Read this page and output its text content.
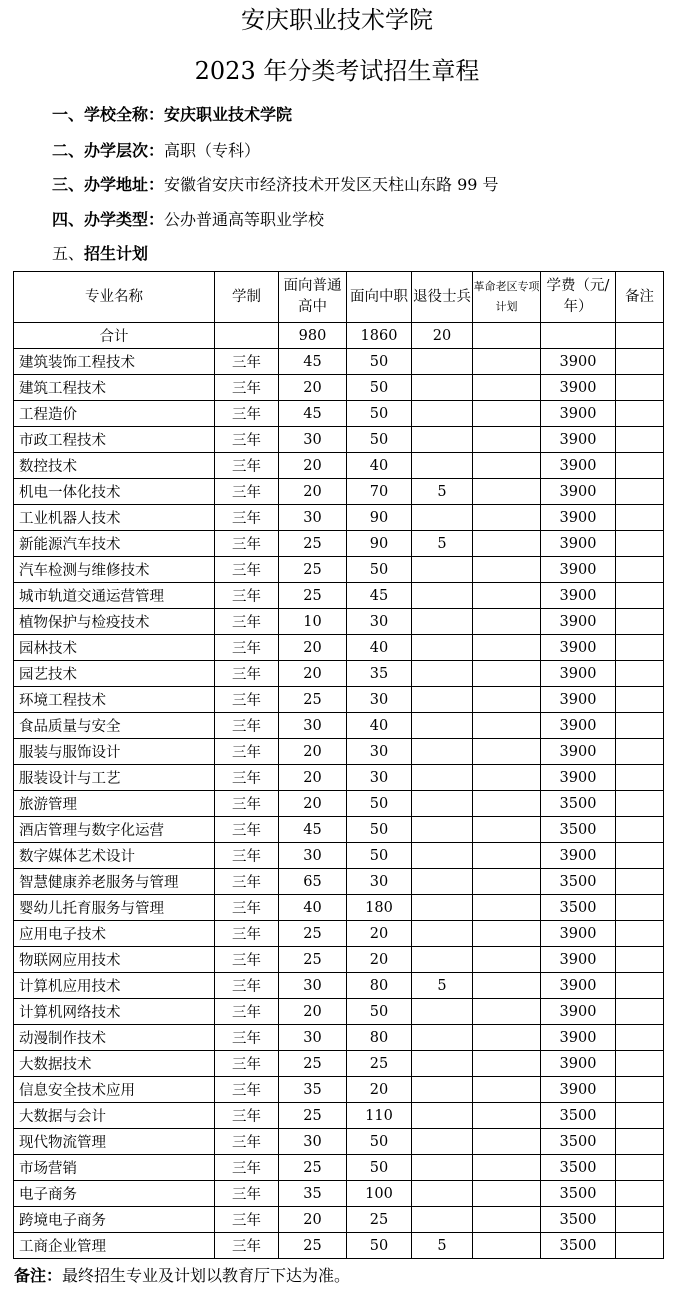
安庆职业技术学院
2023 年分类考试招生章程
一、学校全称：安庆职业技术学院
二、办学层次：高职（专科）
三、办学地址：安徽省安庆市经济技术开发区天柱山东路 99 号
四、办学类型：公办普通高等职业学校
五、招生计划
专业名称	学制	面向普通高中	面向中职	退役士兵	革命老区专项计划	学费（元/年）	备注
合计		980	1860	20			
建筑装饰工程技术	三年	45	50			3900	
建筑工程技术	三年	20	50			3900	
工程造价	三年	45	50			3900	
市政工程技术	三年	30	50			3900	
数控技术	三年	20	40			3900	
机电一体化技术	三年	20	70	5		3900	
工业机器人技术	三年	30	90			3900	
新能源汽车技术	三年	25	90	5		3900	
汽车检测与维修技术	三年	25	50			3900	
城市轨道交通运营管理	三年	25	45			3900	
植物保护与检疫技术	三年	10	30			3900	
园林技术	三年	20	40			3900	
园艺技术	三年	20	35			3900	
环境工程技术	三年	25	30			3900	
食品质量与安全	三年	30	40			3900	
服装与服饰设计	三年	20	30			3900	
服装设计与工艺	三年	20	30			3900	
旅游管理	三年	20	50			3500	
酒店管理与数字化运营	三年	45	50			3500	
数字媒体艺术设计	三年	30	50			3900	
智慧健康养老服务与管理	三年	65	30			3500	
婴幼儿托育服务与管理	三年	40	180			3500	
应用电子技术	三年	25	20			3900	
物联网应用技术	三年	25	20			3900	
计算机应用技术	三年	30	80	5		3900	
计算机网络技术	三年	20	50			3900	
动漫制作技术	三年	30	80			3900	
大数据技术	三年	25	25			3900	
信息安全技术应用	三年	35	20			3900	
大数据与会计	三年	25	110			3500	
现代物流管理	三年	30	50			3500	
市场营销	三年	25	50			3500	
电子商务	三年	35	100			3500	
跨境电子商务	三年	20	25			3500	
工商企业管理	三年	25	50	5		3500	
备注：最终招生专业及计划以教育厅下达为准。
